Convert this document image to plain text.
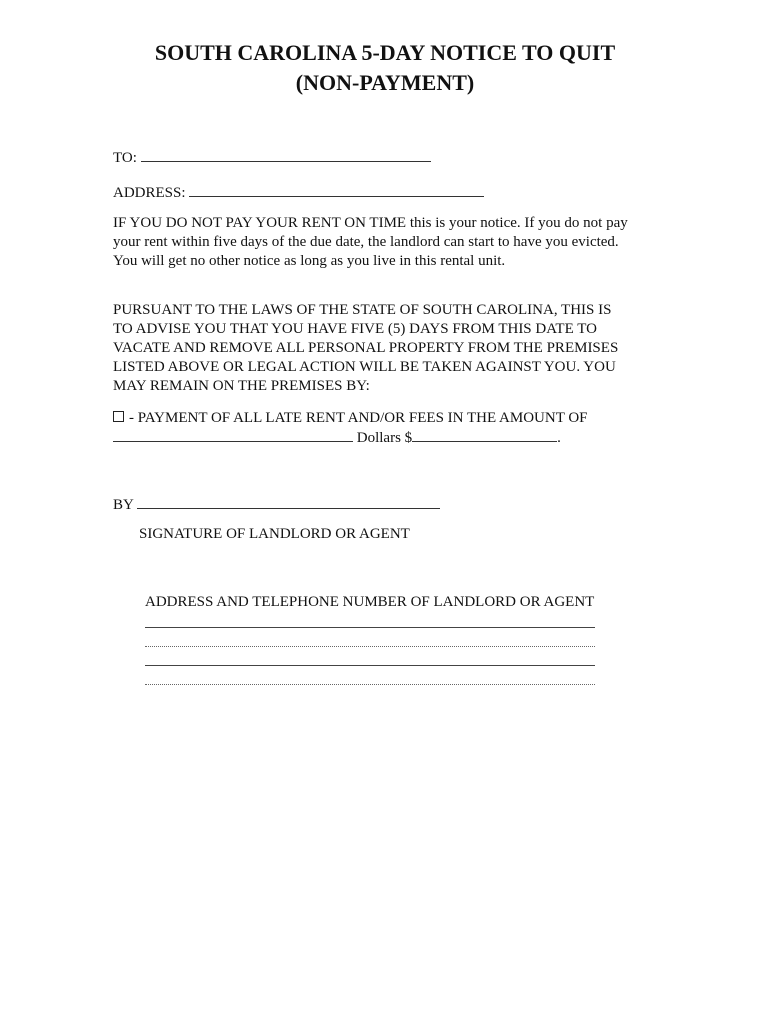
SOUTH CAROLINA 5-DAY NOTICE TO QUIT
(NON-PAYMENT)
TO:
ADDRESS:
IF YOU DO NOT PAY YOUR RENT ON TIME this is your notice. If you do not pay your rent within five days of the due date, the landlord can start to have you evicted. You will get no other notice as long as you live in this rental unit.
PURSUANT TO THE LAWS OF THE STATE OF SOUTH CAROLINA, THIS IS TO ADVISE YOU THAT YOU HAVE FIVE (5) DAYS FROM THIS DATE TO VACATE AND REMOVE ALL PERSONAL PROPERTY FROM THE PREMISES LISTED ABOVE OR LEGAL ACTION WILL BE TAKEN AGAINST YOU. YOU MAY REMAIN ON THE PREMISES BY:
- PAYMENT OF ALL LATE RENT AND/OR FEES IN THE AMOUNT OF
Dollars $	.
BY
SIGNATURE OF LANDLORD OR AGENT
ADDRESS AND TELEPHONE NUMBER OF LANDLORD OR AGENT
